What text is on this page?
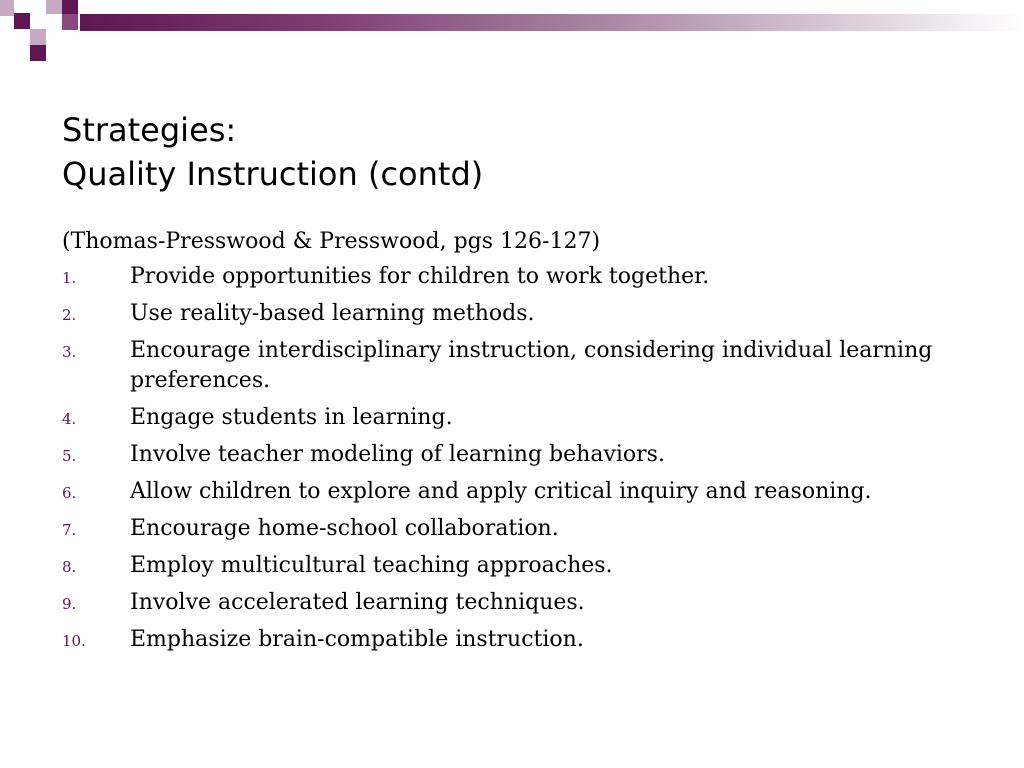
Strategies:
Quality Instruction (contd)

(Thomas-Presswood & Presswood, pgs 126-127)

1. Provide opportunities for children to work together.
2. Use reality-based learning methods.
3. Encourage interdisciplinary instruction, considering individual learning preferences.
4. Engage students in learning.
5. Involve teacher modeling of learning behaviors.
6. Allow children to explore and apply critical inquiry and reasoning.
7. Encourage home-school collaboration.
8. Employ multicultural teaching approaches.
9. Involve accelerated learning techniques.
10. Emphasize brain-compatible instruction.
